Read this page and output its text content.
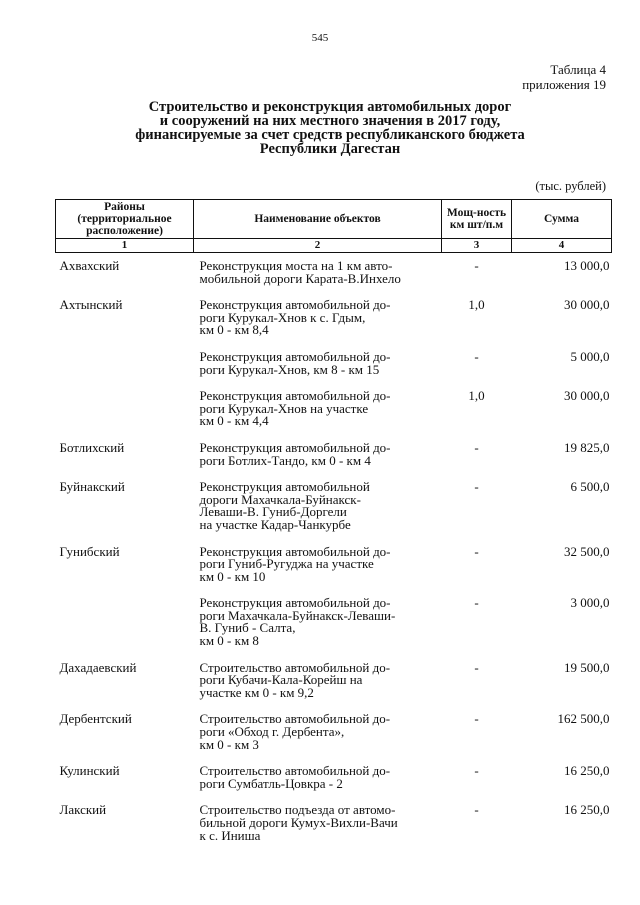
545
Таблица 4
приложения 19
Строительство и реконструкция автомобильных дорог
и сооружений на них местного значения в 2017 году,
финансируемые за счет средств республиканского бюджета
Республики Дагестан
(тыс. рублей)
Районы (территориальное расположение)	Наименование объектов	Мощ-ность км шт/п.м	Сумма
1	2	3	4
Ахвахский	Реконструкция моста на 1 км авто-
мобильной дороги Карата-В.Инхело	-	13 000,0
Ахтынский	Реконструкция автомобильной до-
роги Курукал-Хнов к с. Гдым,
км 0 - км 8,4	1,0	30 000,0

	Реконструкция автомобильной до-
роги Курукал-Хнов, км 8 - км 15	-	5 000,0

	Реконструкция автомобильной до-
роги Курукал-Хнов на участке
км 0 - км 4,4	1,0	30 000,0
Ботлихский	Реконструкция автомобильной до-
роги Ботлих-Тандо, км 0 - км 4	-	19 825,0
Буйнакский	Реконструкция автомобильной
дороги Махачкала-Буйнакск-
Леваши-В. Гуниб-Доргели
на участке Кадар-Чанкурбе	-	6 500,0
Гунибский	Реконструкция автомобильной до-
роги Гуниб-Ругуджа на участке
км 0 - км 10	-	32 500,0

	Реконструкция автомобильной до-
роги Махачкала-Буйнакск-Леваши-
В. Гуниб - Салта,
км 0 - км 8	-	3 000,0
Дахадаевский	Строительство автомобильной до-
роги Кубачи-Кала-Корейш на
участке км 0 - км 9,2	-	19 500,0
Дербентский	Строительство автомобильной до-
роги «Обход г. Дербента»,
км 0 - км 3	-	162 500,0
Кулинский	Строительство автомобильной до-
роги Сумбатль-Цовкра - 2	-	16 250,0
Лакский	Строительство подъезда от автомо-
бильной дороги Кумух-Вихли-Вачи
к с. Иниша	-	16 250,0
